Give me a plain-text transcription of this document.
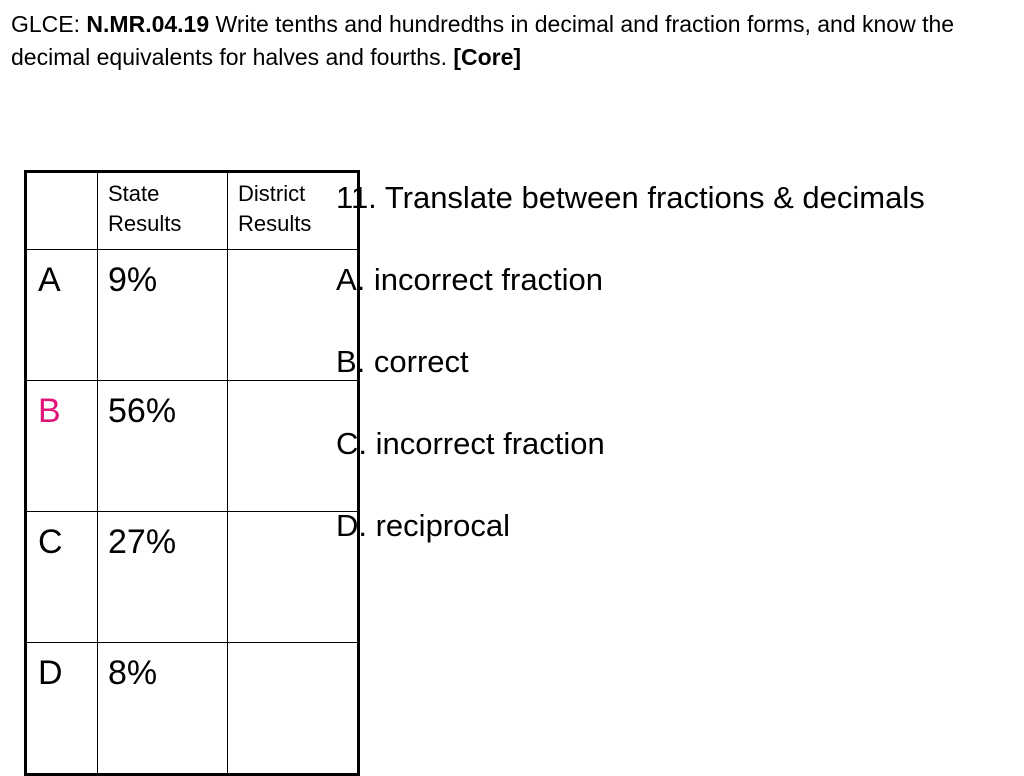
GLCE: N.MR.04.19 Write tenths and hundredths in decimal and fraction forms, and know the decimal equivalents for halves and fourths. [Core]
	State Results	District Results
A	9%	
B	56%	
C	27%	
D	8%	
11. Translate between fractions & decimals
A. incorrect fraction
B. correct
C. incorrect fraction
D. reciprocal
